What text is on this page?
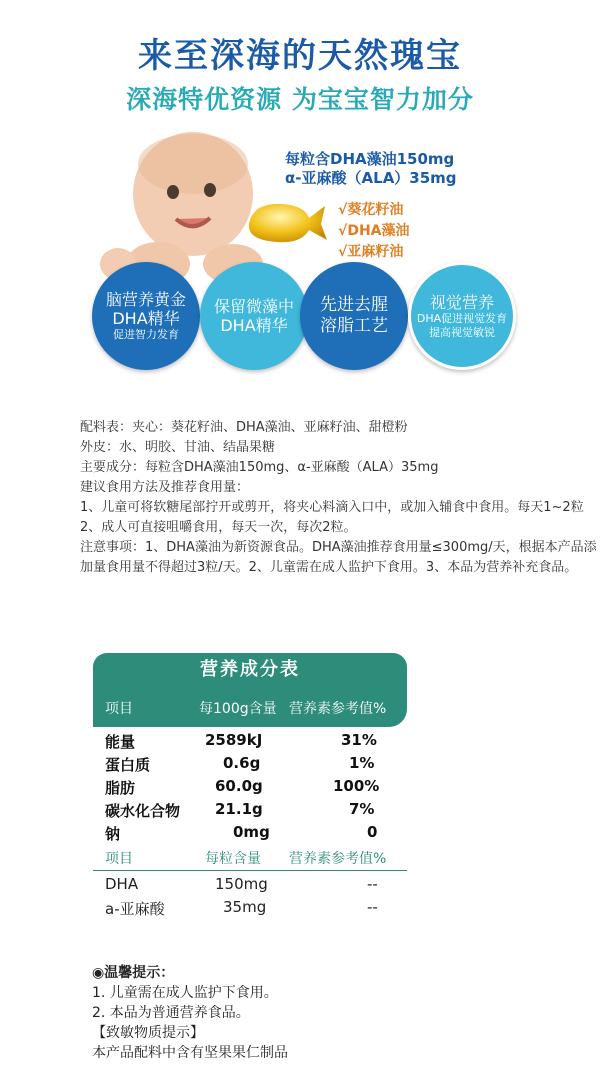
来至深海的天然瑰宝
深海特优资源 为宝宝智力加分
每粒含DHA藻油150mg
α-亚麻酸（ALA）35mg
√葵花籽油
√DHA藻油
√亚麻籽油
脑营养黄金
DHA精华
促进智力发育
保留微藻中
DHA精华
先进去腥
溶脂工艺
视觉营养
DHA促进视觉发育
提高视觉敏锐

配料表：夹心：葵花籽油、DHA藻油、亚麻籽油、甜橙粉

外皮：水、明胶、甘油、结晶果糖

主要成分：每粒含DHA藻油150mg、α-亚麻酸（ALA）35mg

建议食用方法及推荐食用量：

1、儿童可将软糖尾部拧开或剪开，将夹心料滴入口中，或加入辅食中食用。每天1~2粒

2、成人可直接咀嚼食用，每天一次，每次2粒。

注意事项：1、DHA藻油为新资源食品。DHA藻油推荐食用量≤300mg/天，根据本产品添加量食用量不得超过3粒/天。2、儿童需在成人监护下食用。3、本品为营养补充食品。

营养成分表
项目	每100g含量 营养素参考值%
能量	2589kJ	31%
蛋白质	0.6g	1%
脂肪	60.0g	100%
碳水化合物 21.1g	7%
钠	0mg	0
项目	每粒含量 营养素参考值%
DHA	150mg	--
a-亚麻酸	35mg	--

◉温馨提示：

1. 儿童需在成人监护下食用。

2. 本品为普通营养食品。

【致敏物质提示】

本产品配料中含有坚果果仁制品
